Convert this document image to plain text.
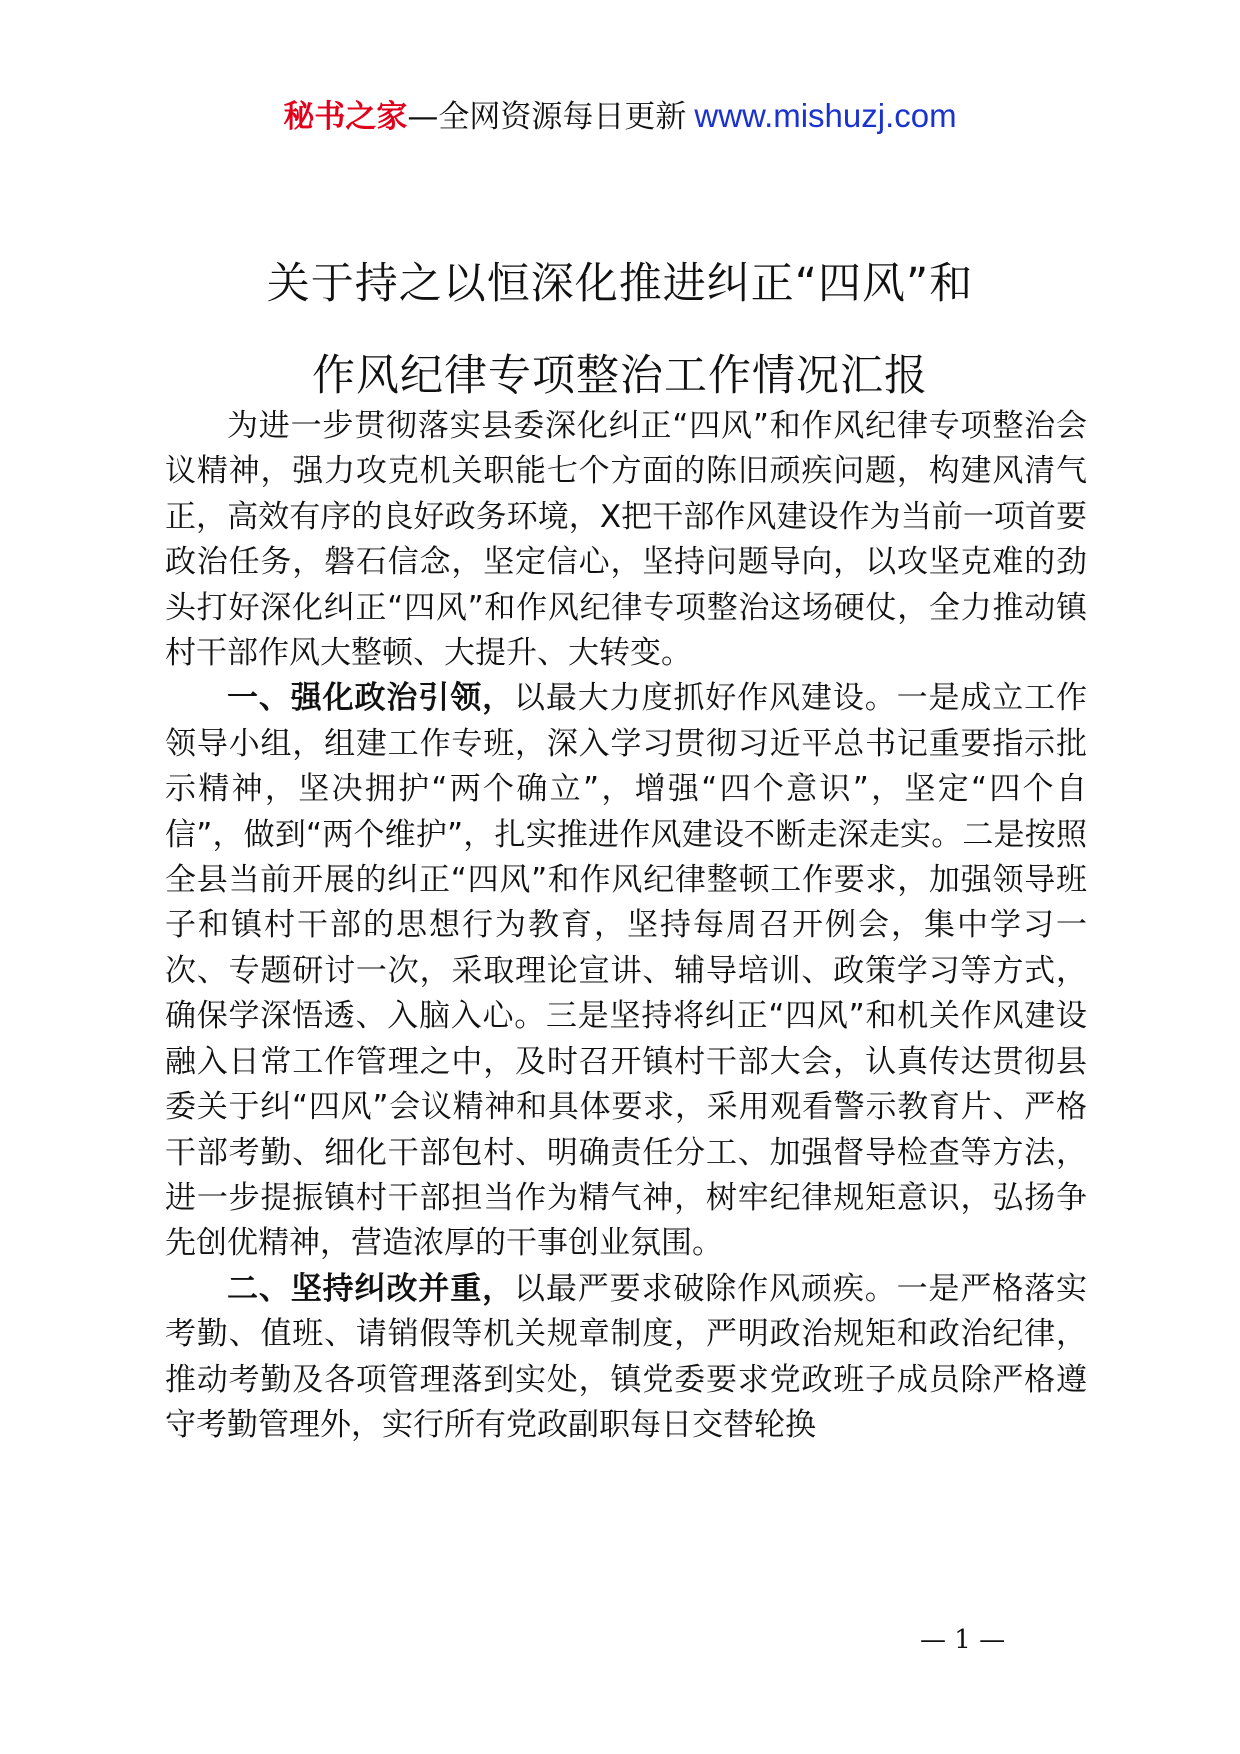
秘书之家—全网资源每日更新 www.mishuzj.com
关于持之以恒深化推进纠正“四风”和
作风纪律专项整治工作情况汇报

为进一步贯彻落实县委深化纠正“四风”和作风纪律专项整治会议精神，强力攻克机关职能七个方面的陈旧顽疾问题，构建风清气正，高效有序的良好政务环境，X把干部作风建设作为当前一项首要政治任务，磐石信念，坚定信心，坚持问题导向，以攻坚克难的劲头打好深化纠正“四风”和作风纪律专项整治这场硬仗，全力推动镇村干部作风大整顿、大提升、大转变。

一、强化政治引领，以最大力度抓好作风建设。一是成立工作领导小组，组建工作专班，深入学习贯彻习近平总书记重要指示批示精神，坚决拥护“两个确立”，增强“四个意识”，坚定“四个自信”，做到“两个维护”，扎实推进作风建设不断走深走实。二是按照全县当前开展的纠正“四风”和作风纪律整顿工作要求，加强领导班子和镇村干部的思想行为教育，坚持每周召开例会，集中学习一次、专题研讨一次，采取理论宣讲、辅导培训、政策学习等方式，确保学深悟透、入脑入心。三是坚持将纠正“四风”和机关作风建设融入日常工作管理之中，及时召开镇村干部大会，认真传达贯彻县委关于纠“四风”会议精神和具体要求，采用观看警示教育片、严格干部考勤、细化干部包村、明确责任分工、加强督导检查等方法，进一步提振镇村干部担当作为精气神，树牢纪律规矩意识，弘扬争先创优精神，营造浓厚的干事创业氛围。

二、坚持纠改并重，以最严要求破除作风顽疾。一是严格落实考勤、值班、请销假等机关规章制度，严明政治规矩和政治纪律，推动考勤及各项管理落到实处，镇党委要求党政班子成员除严格遵守考勤管理外，实行所有党政副职每日交替轮换

— 1 —
